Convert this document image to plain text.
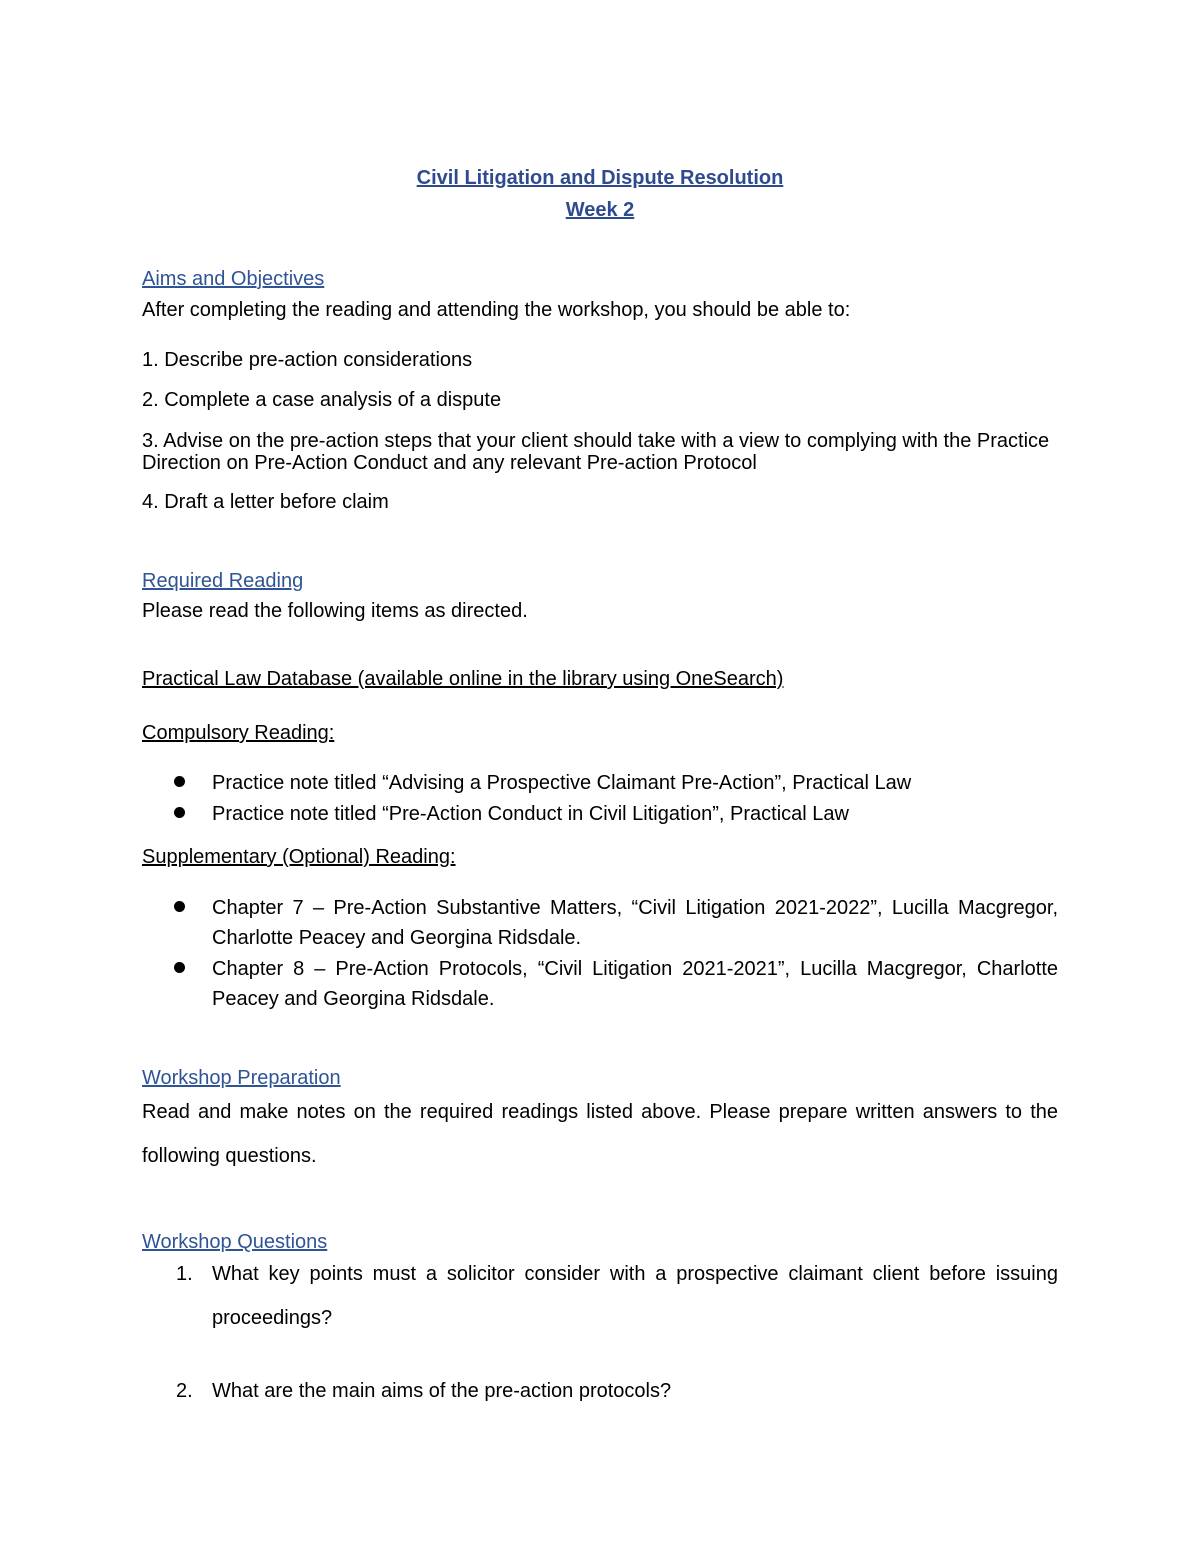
Civil Litigation and Dispute Resolution
Week 2
Aims and Objectives
After completing the reading and attending the workshop, you should be able to:
1. Describe pre-action considerations
2. Complete a case analysis of a dispute
3. Advise on the pre-action steps that your client should take with a view to complying with the Practice Direction on Pre-Action Conduct and any relevant Pre-action Protocol
4. Draft a letter before claim
Required Reading
Please read the following items as directed.
Practical Law Database (available online in the library using OneSearch)
Compulsory Reading:
Practice note titled “Advising a Prospective Claimant Pre-Action”, Practical Law
Practice note titled “Pre-Action Conduct in Civil Litigation”, Practical Law
Supplementary (Optional) Reading:
Chapter 7 – Pre-Action Substantive Matters, “Civil Litigation 2021-2022”, Lucilla Macgregor, Charlotte Peacey and Georgina Ridsdale.
Chapter 8 – Pre-Action Protocols, “Civil Litigation 2021-2021”, Lucilla Macgregor, Charlotte Peacey and Georgina Ridsdale.
Workshop Preparation
Read and make notes on the required readings listed above. Please prepare written answers to the following questions.
Workshop Questions
1. What key points must a solicitor consider with a prospective claimant client before issuing proceedings?
2. What are the main aims of the pre-action protocols?
